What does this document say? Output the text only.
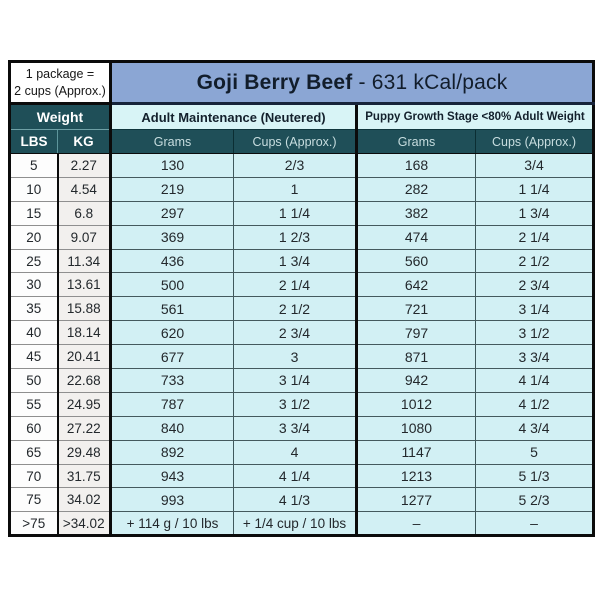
1 package =
2 cups (Approx.)		Goji Berry Beef - 631 kCal/pack			
Weight		Adult Maintenance (Neutered)		Puppy Growth Stage <80% Adult Weight	
LBS	KG	Grams	Cups (Approx.)	Grams	Cups (Approx.)
5	2.27	130	2/3	168	3/4
10	4.54	219	1	282	1 1/4
15	6.8	297	1 1/4	382	1 3/4
20	9.07	369	1 2/3	474	2 1/4
25	11.34	436	1 3/4	560	2 1/2
30	13.61	500	2 1/4	642	2 3/4
35	15.88	561	2 1/2	721	3 1/4
40	18.14	620	2 3/4	797	3 1/2
45	20.41	677	3	871	3 3/4
50	22.68	733	3 1/4	942	4 1/4
55	24.95	787	3 1/2	1012	4 1/2
60	27.22	840	3 3/4	1080	4 3/4
65	29.48	892	4	1147	5
70	31.75	943	4 1/4	1213	5 1/3
75	34.02	993	4 1/3	1277	5 2/3
>75	>34.02	+ 114 g / 10 lbs	+ 1/4 cup / 10 lbs	–	–
